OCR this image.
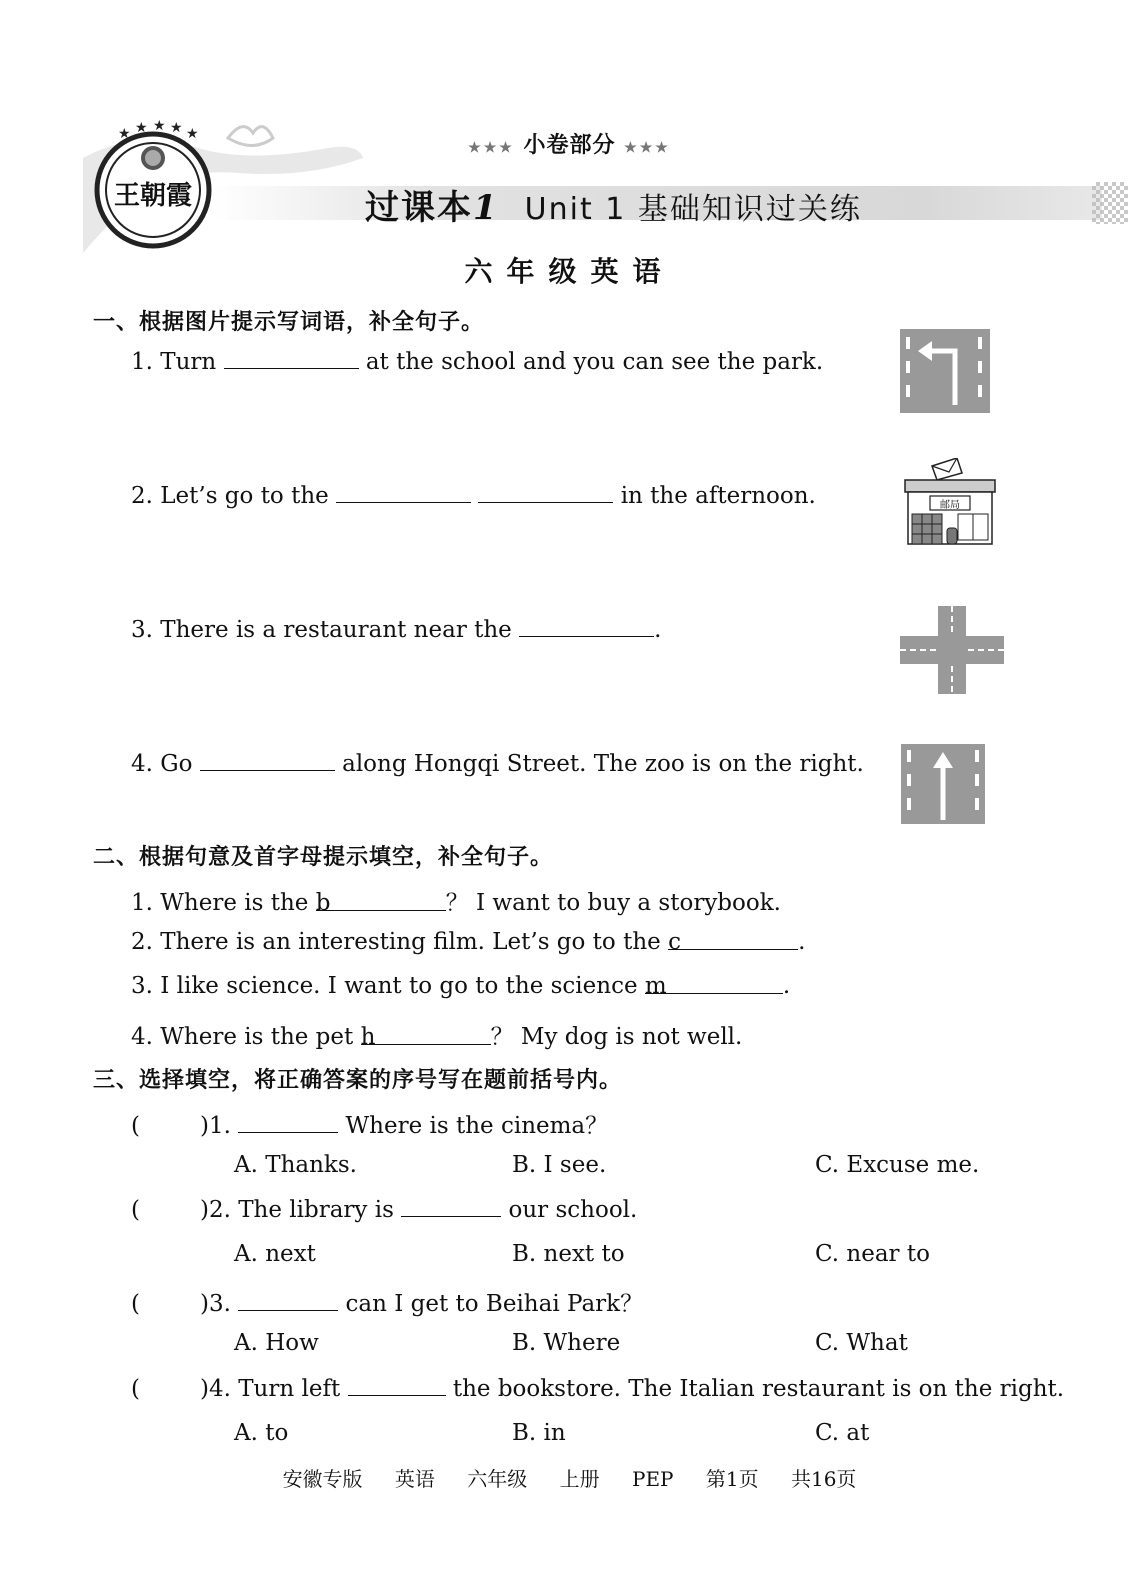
★ ★ ★ ★ ★
王朝霞
★★★ 小卷部分 ★★★
过课本1 Unit 1 基础知识过关练
六年级英语
一、根据图片提示写词语，补全句子。
1. Turn	at the school and you can see the park.
2. Let’s go to the	in the afternoon.	邮局
3. There is a restaurant near the	.
4. Go	along Hongqi Street. The zoo is on the right.
二、根据句意及首字母提示填空，补全句子。
1. Where is the b	？ I want to buy a storybook.
2. There is an interesting film. Let’s go to the c	.
3. I like science. I want to go to the science m	.
4. Where is the pet h	？ My dog is not well.
三、选择填空，将正确答案的序号写在题前括号内。
(	)1.	Where is the cinema？
A. Thanks.	B. I see.	C. Excuse me.
(	)2. The library is	our school.
A. next	B. next to	C. near to
(	)3.	can I get to Beihai Park？
A. How	B. Where	C. What
(	)4. Turn left	the bookstore. The Italian restaurant is on the right.
A. to	B. in	C. at
安徽专版 英语 六年级 上册 PEP 第1页 共16页
